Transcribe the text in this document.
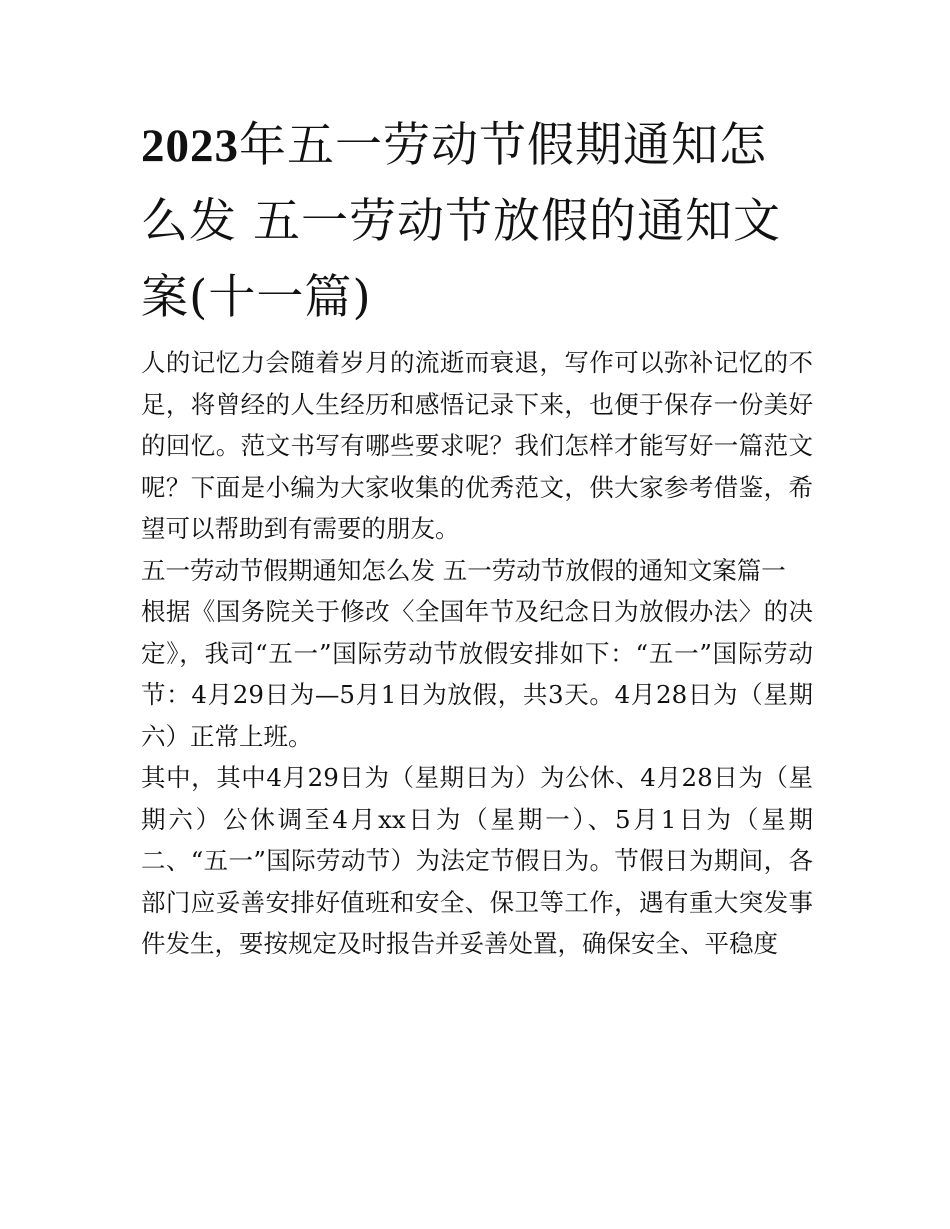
2023年五一劳动节假期通知怎么发 五一劳动节放假的通知文案(十一篇)

人的记忆力会随着岁月的流逝而衰退，写作可以弥补记忆的不足，将曾经的人生经历和感悟记录下来，也便于保存一份美好的回忆。范文书写有哪些要求呢？我们怎样才能写好一篇范文呢？下面是小编为大家收集的优秀范文，供大家参考借鉴，希望可以帮助到有需要的朋友。

五一劳动节假期通知怎么发 五一劳动节放假的通知文案篇一

根据《国务院关于修改〈全国年节及纪念日为放假办法〉的决定》，我司“五一”国际劳动节放假安排如下：“五一”国际劳动节：4月29日为—5月1日为放假，共3天。4月28日为（星期六）正常上班。

其中，其中4月29日为（星期日为）为公休、4月28日为（星期六）公休调至4月xx日为（星期一）、5月1日为（星期二、“五一”国际劳动节）为法定节假日为。节假日为期间，各部门应妥善安排好值班和安全、保卫等工作，遇有重大突发事件发生，要按规定及时报告并妥善处置，确保安全、平稳度
